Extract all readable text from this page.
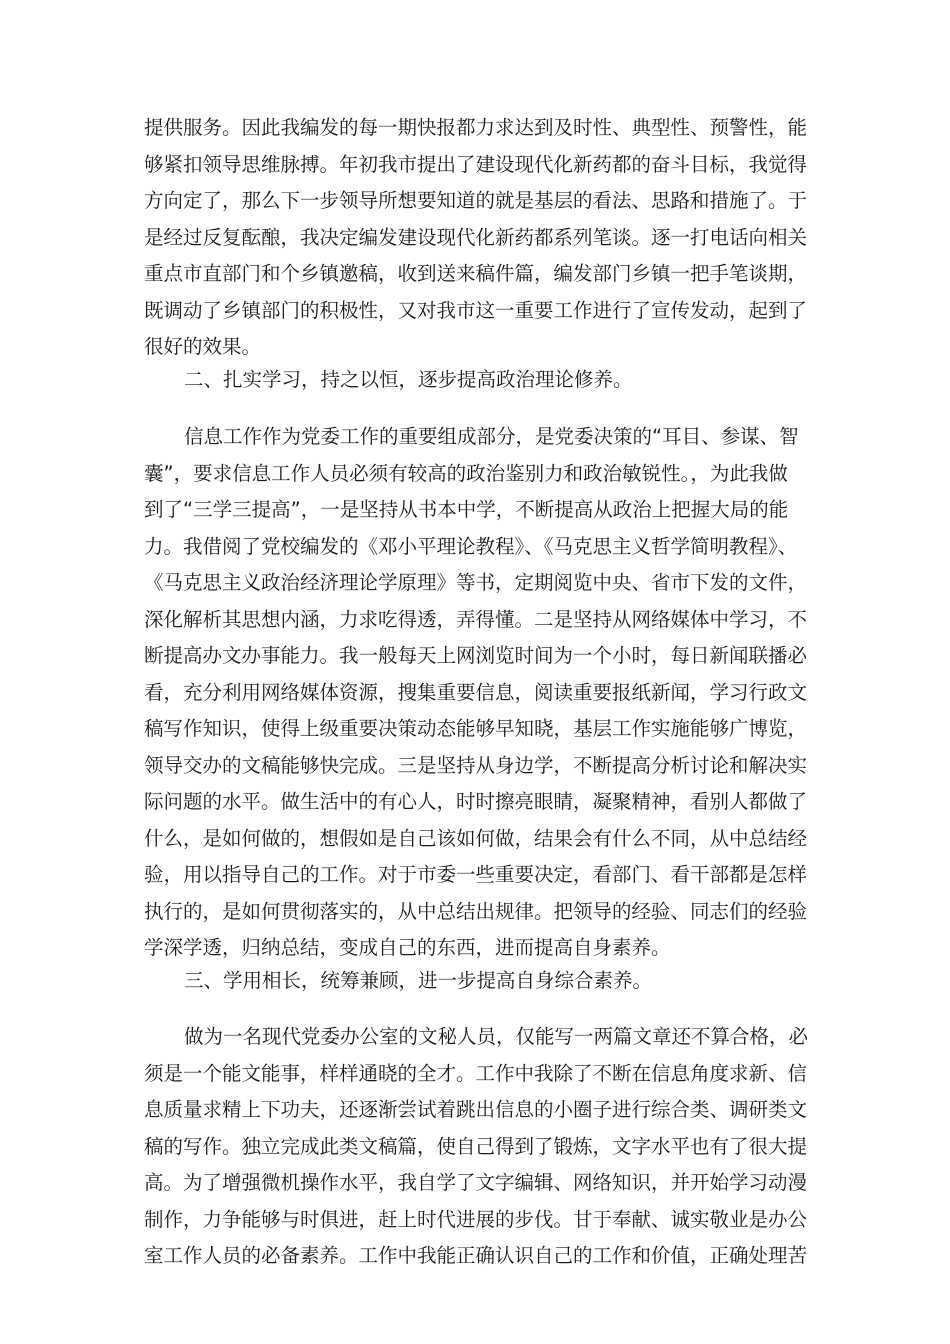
提供服务。因此我编发的每一期快报都力求达到及时性、典型性、预警性，能
够紧扣领导思维脉搏。年初我市提出了建设现代化新药都的奋斗目标，我觉得
方向定了，那么下一步领导所想要知道的就是基层的看法、思路和措施了。于
是经过反复酝酿，我决定编发建设现代化新药都系列笔谈。逐一打电话向相关
重点市直部门和个乡镇邀稿，收到送来稿件篇，编发部门乡镇一把手笔谈期，
既调动了乡镇部门的积极性，又对我市这一重要工作进行了宣传发动，起到了
很好的效果。
二、扎实学习，持之以恒，逐步提高政治理论修养。
信息工作作为党委工作的重要组成部分，是党委决策的“耳目、参谋、智
囊”，要求信息工作人员必须有较高的政治鉴别力和政治敏锐性。，为此我做
到了“三学三提高”，一是坚持从书本中学，不断提高从政治上把握大局的能
力。我借阅了党校编发的《邓小平理论教程》、《马克思主义哲学简明教程》、
《马克思主义政治经济理论学原理》等书，定期阅览中央、省市下发的文件，
深化解析其思想内涵，力求吃得透，弄得懂。二是坚持从网络媒体中学习，不
断提高办文办事能力。我一般每天上网浏览时间为一个小时，每日新闻联播必
看，充分利用网络媒体资源，搜集重要信息，阅读重要报纸新闻，学习行政文
稿写作知识，使得上级重要决策动态能够早知晓，基层工作实施能够广博览，
领导交办的文稿能够快完成。三是坚持从身边学，不断提高分析讨论和解决实
际问题的水平。做生活中的有心人，时时擦亮眼睛，凝聚精神，看别人都做了
什么，是如何做的，想假如是自己该如何做，结果会有什么不同，从中总结经
验，用以指导自己的工作。对于市委一些重要决定，看部门、看干部都是怎样
执行的，是如何贯彻落实的，从中总结出规律。把领导的经验、同志们的经验
学深学透，归纳总结，变成自己的东西，进而提高自身素养。
三、学用相长，统筹兼顾，进一步提高自身综合素养。
做为一名现代党委办公室的文秘人员，仅能写一两篇文章还不算合格，必
须是一个能文能事，样样通晓的全才。工作中我除了不断在信息角度求新、信
息质量求精上下功夫，还逐渐尝试着跳出信息的小圈子进行综合类、调研类文
稿的写作。独立完成此类文稿篇，使自己得到了锻炼，文字水平也有了很大提
高。为了增强微机操作水平，我自学了文字编辑、网络知识，并开始学习动漫
制作，力争能够与时俱进，赶上时代进展的步伐。甘于奉献、诚实敬业是办公
室工作人员的必备素养。工作中我能正确认识自己的工作和价值，正确处理苦
